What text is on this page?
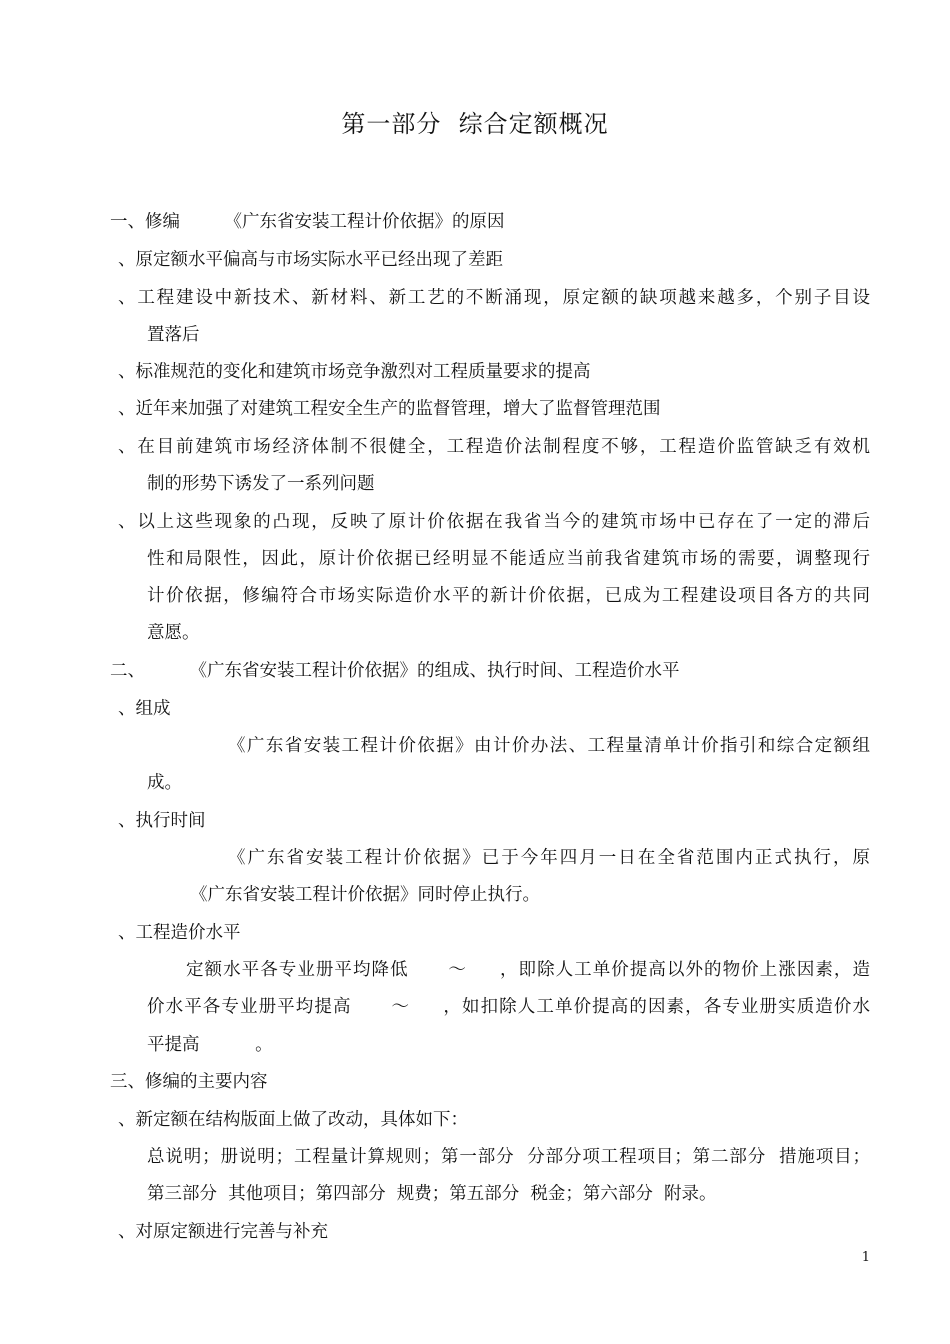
第一部分  综合定额概况
一、修编        《广东省安装工程计价依据》的原因
、原定额水平偏高与市场实际水平已经出现了差距
、工程建设中新技术、新材料、新工艺的不断涌现，原定额的缺项越来越多，个别子目设
置落后
、标准规范的变化和建筑市场竞争激烈对工程质量要求的提高
、近年来加强了对建筑工程安全生产的监督管理，增大了监督管理范围
、在目前建筑市场经济体制不很健全，工程造价法制程度不够，工程造价监管缺乏有效机
制的形势下诱发了一系列问题
、以上这些现象的凸现，反映了原计价依据在我省当今的建筑市场中已存在了一定的滞后
性和局限性，因此，原计价依据已经明显不能适应当前我省建筑市场的需要，调整现行
计价依据，修编符合市场实际造价水平的新计价依据，已成为工程建设项目各方的共同
意愿。
二、        《广东省安装工程计价依据》的组成、执行时间、工程造价水平
、组成
《广东省安装工程计价依据》由计价办法、工程量清单计价指引和综合定额组
成。
、执行时间
《广东省安装工程计价依据》已于今年四月一日在全省范围内正式执行，原
《广东省安装工程计价依据》同时停止执行。
、工程造价水平
定额水平各专业册平均降低      ～     ，即除人工单价提高以外的物价上涨因素，造
价水平各专业册平均提高      ～     ，如扣除人工单价提高的因素，各专业册实质造价水
平提高          。
三、修编的主要内容
、新定额在结构版面上做了改动，具体如下：
总说明；册说明；工程量计算规则；第一部分  分部分项工程项目；第二部分  措施项目；
第三部分  其他项目；第四部分  规费；第五部分  税金；第六部分  附录。
、对原定额进行完善与补充
1
